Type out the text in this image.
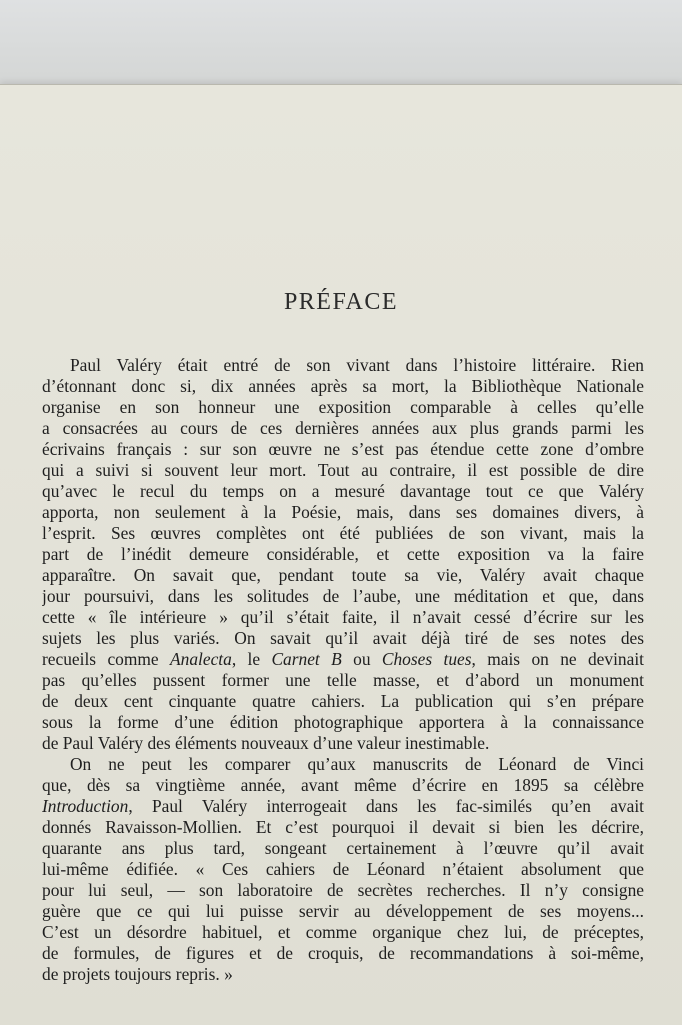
PRÉFACE
Paul Valéry était entré de son vivant dans l’histoire littéraire. Rien
d’étonnant donc si, dix années après sa mort, la Bibliothèque Nationale
organise en son honneur une exposition comparable à celles qu’elle
a consacrées au cours de ces dernières années aux plus grands parmi les
écrivains français : sur son œuvre ne s’est pas étendue cette zone d’ombre
qui a suivi si souvent leur mort. Tout au contraire, il est possible de dire
qu’avec le recul du temps on a mesuré davantage tout ce que Valéry
apporta, non seulement à la Poésie, mais, dans ses domaines divers, à
l’esprit. Ses œuvres complètes ont été publiées de son vivant, mais la
part de l’inédit demeure considérable, et cette exposition va la faire
apparaître. On savait que, pendant toute sa vie, Valéry avait chaque
jour poursuivi, dans les solitudes de l’aube, une méditation et que, dans
cette « île intérieure » qu’il s’était faite, il n’avait cessé d’écrire sur les
sujets les plus variés. On savait qu’il avait déjà tiré de ses notes des
recueils comme Analecta, le Carnet B ou Choses tues, mais on ne devinait
pas qu’elles pussent former une telle masse, et d’abord un monument
de deux cent cinquante quatre cahiers. La publication qui s’en prépare
sous la forme d’une édition photographique apportera à la connaissance
de Paul Valéry des éléments nouveaux d’une valeur inestimable.
On ne peut les comparer qu’aux manuscrits de Léonard de Vinci
que, dès sa vingtième année, avant même d’écrire en 1895 sa célèbre
Introduction, Paul Valéry interrogeait dans les fac-similés qu’en avait
donnés Ravaisson-Mollien. Et c’est pourquoi il devait si bien les décrire,
quarante ans plus tard, songeant certainement à l’œuvre qu’il avait
lui-même édifiée. « Ces cahiers de Léonard n’étaient absolument que
pour lui seul, — son laboratoire de secrètes recherches. Il n’y consigne
guère que ce qui lui puisse servir au développement de ses moyens...
C’est un désordre habituel, et comme organique chez lui, de préceptes,
de formules, de figures et de croquis, de recommandations à soi-même,
de projets toujours repris. »
